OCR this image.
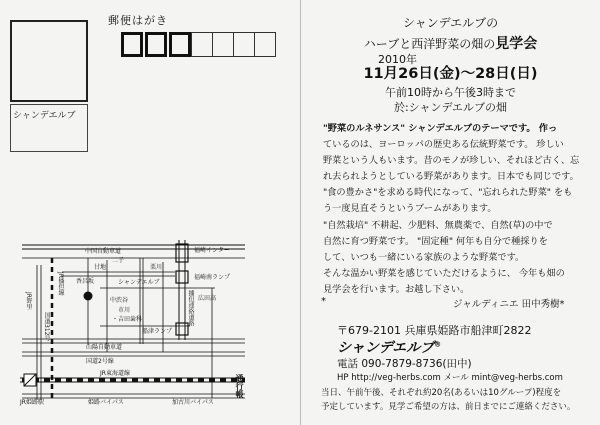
シャンデエルブ
郵便はがき
中国自動車道	福崎インター
福崎南ランプ
シャンデエルブ
・吉田歯科
船津ランプ
広田高
山陽自動車道
国道2号線
JR東海道線
姫路バイパス	加古川バイパス
JR姫路駅
香呂坂
甘地
二子
栗川
中渋谷
市川
JR野里
国道312号
JR播但線
播但連絡道路
通行帳
シャンデエルブの
ハーブと西洋野菜の畑の見学会
2010年
11月26日(金)～28日(日)
午前10時から午後3時まで
於:シャンデエルブの畑
"野菜のルネサンス" シャンデエルブのテーマです。 作っ
ているのは、ヨーロッパの歴史ある伝統野菜です。 珍しい
野菜という人もいます。昔のモノが珍しい、それほど古く、忘
れ去られようとしている野菜があります。日本でも同じです。
"食の豊かさ"を求める時代になって、"忘れられた野菜" をも
う一度見直そうというブームがあります。
"自然栽培" 不耕起、少肥料、無農薬で、自然(草)の中で
自然に育つ野菜です。 "固定種" 何年も自分で種採りを
して、いつも一緒にいる家族のような野菜です。
そんな温かい野菜を感じていただけるように、 今年も畑の
見学会を行います。お越し下さい。
*	ジャルディニエ 田中秀樹*
〒679-2101 兵庫県姫路市船津町2822
シャンデエルブ®
電話 090-7879-8736(田中)
HP http://veg-herbs.com メール mint@veg-herbs.com
当日、午前午後、それぞれ約20名(あるいは10グループ)程度を
予定しています。見学ご希望の方は、前日までにご連絡ください。
